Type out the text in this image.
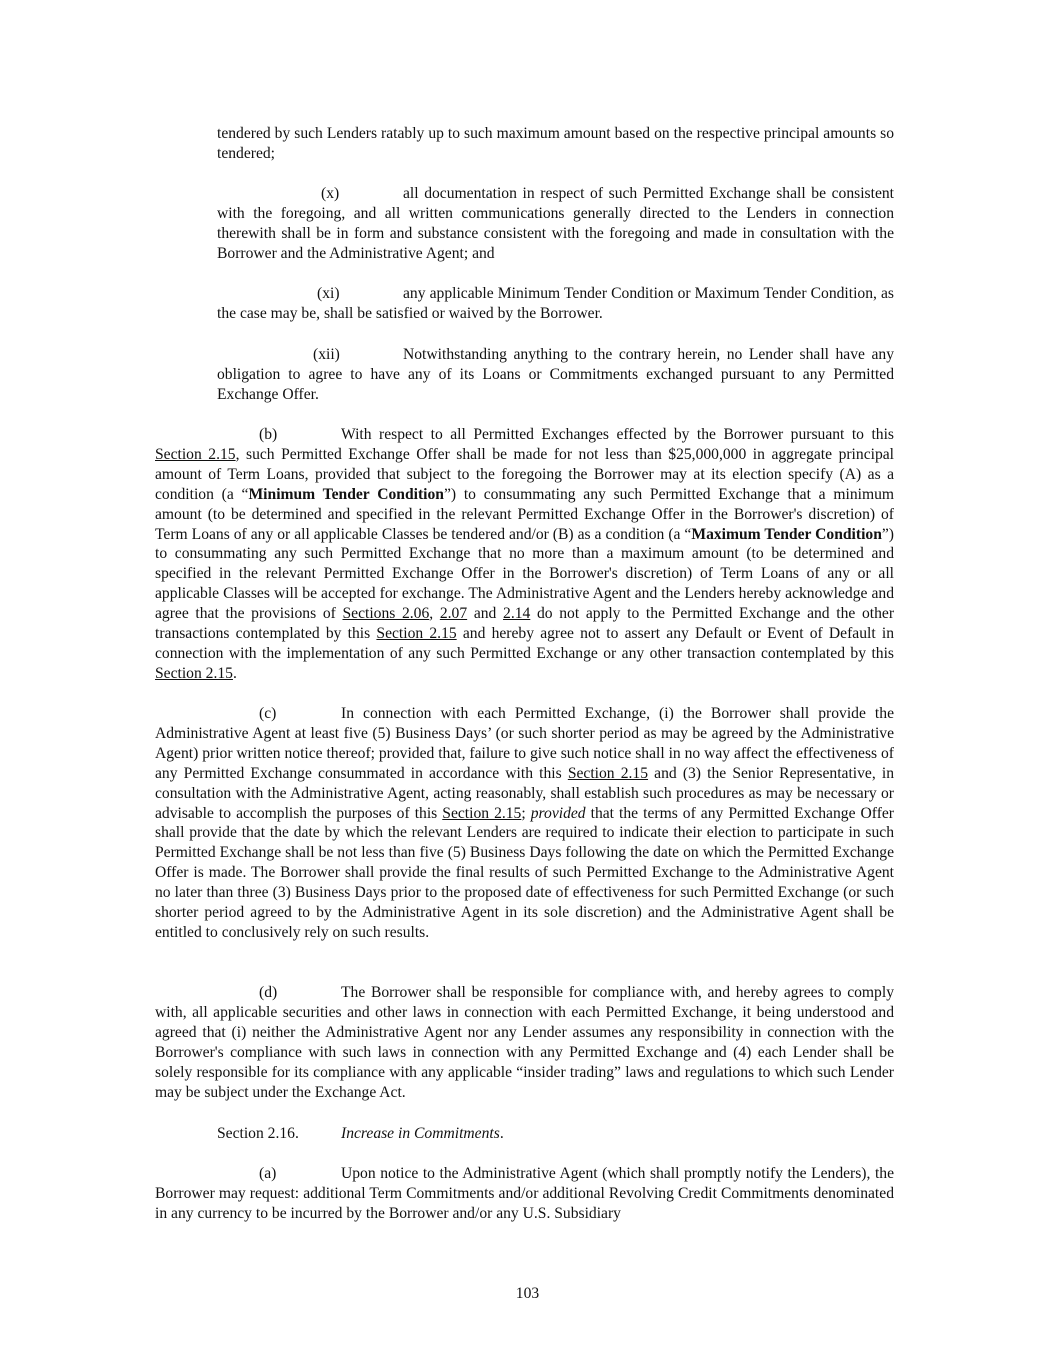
tendered by such Lenders ratably up to such maximum amount based on the respective principal amounts so tendered;

(x)	all documentation in respect of such Permitted Exchange shall be consistent with the foregoing, and all written communications generally directed to the Lenders in connection therewith shall be in form and substance consistent with the foregoing and made in consultation with the Borrower and the Administrative Agent; and

(xi)	any applicable Minimum Tender Condition or Maximum Tender Condition, as the case may be, shall be satisfied or waived by the Borrower.

(xii)	Notwithstanding anything to the contrary herein, no Lender shall have any obligation to agree to have any of its Loans or Commitments exchanged pursuant to any Permitted Exchange Offer.

(b)	With respect to all Permitted Exchanges effected by the Borrower pursuant to this Section 2.15, such Permitted Exchange Offer shall be made for not less than $25,000,000 in aggregate principal amount of Term Loans, provided that subject to the foregoing the Borrower may at its election specify (A) as a condition (a “Minimum Tender Condition”) to consummating any such Permitted Exchange that a minimum amount (to be determined and specified in the relevant Permitted Exchange Offer in the Borrower's discretion) of Term Loans of any or all applicable Classes be tendered and/or (B) as a condition (a “Maximum Tender Condition”) to consummating any such Permitted Exchange that no more than a maximum amount (to be determined and specified in the relevant Permitted Exchange Offer in the Borrower's discretion) of Term Loans of any or all applicable Classes will be accepted for exchange. The Administrative Agent and the Lenders hereby acknowledge and agree that the provisions of Sections 2.06, 2.07 and 2.14 do not apply to the Permitted Exchange and the other transactions contemplated by this Section 2.15 and hereby agree not to assert any Default or Event of Default in connection with the implementation of any such Permitted Exchange or any other transaction contemplated by this Section 2.15.

(c)	In connection with each Permitted Exchange, (i) the Borrower shall provide the Administrative Agent at least five (5) Business Days’ (or such shorter period as may be agreed by the Administrative Agent) prior written notice thereof; provided that, failure to give such notice shall in no way affect the effectiveness of any Permitted Exchange consummated in accordance with this Section 2.15 and (3) the Senior Representative, in consultation with the Administrative Agent, acting reasonably, shall establish such procedures as may be necessary or advisable to accomplish the purposes of this Section 2.15; provided that the terms of any Permitted Exchange Offer shall provide that the date by which the relevant Lenders are required to indicate their election to participate in such Permitted Exchange shall be not less than five (5) Business Days following the date on which the Permitted Exchange Offer is made. The Borrower shall provide the final results of such Permitted Exchange to the Administrative Agent no later than three (3) Business Days prior to the proposed date of effectiveness for such Permitted Exchange (or such shorter period agreed to by the Administrative Agent in its sole discretion) and the Administrative Agent shall be entitled to conclusively rely on such results.

(d)	The Borrower shall be responsible for compliance with, and hereby agrees to comply with, all applicable securities and other laws in connection with each Permitted Exchange, it being understood and agreed that (i) neither the Administrative Agent nor any Lender assumes any responsibility in connection with the Borrower's compliance with such laws in connection with any Permitted Exchange and (4) each Lender shall be solely responsible for its compliance with any applicable “insider trading” laws and regulations to which such Lender may be subject under the Exchange Act.

Section 2.16.	Increase in Commitments.

(a)	Upon notice to the Administrative Agent (which shall promptly notify the Lenders), the Borrower may request: additional Term Commitments and/or additional Revolving Credit Commitments denominated in any currency to be incurred by the Borrower and/or any U.S. Subsidiary

103
